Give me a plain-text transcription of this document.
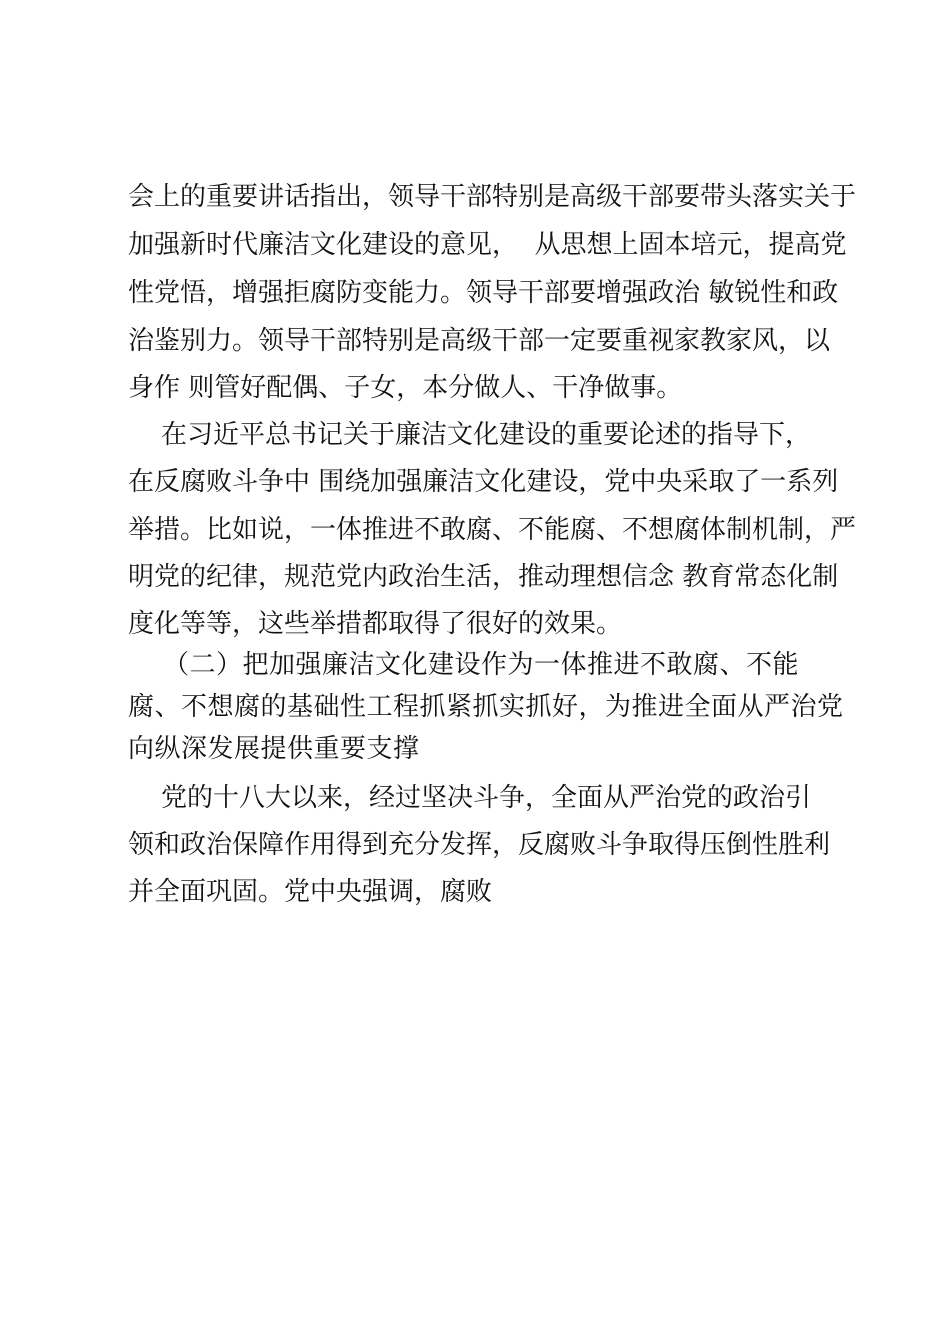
会上的重要讲话指出，领导干部特别是高级干部要带头落实关于

加强新时代廉洁文化建设的意见，  从思想上固本培元，提高党

性党悟，增强拒腐防变能力。领导干部要增强政治 敏锐性和政

治鉴别力。领导干部特别是高级干部一定要重视家教家风，以

身作 则管好配偶、子女，本分做人、干净做事。

在习近平总书记关于廉洁文化建设的重要论述的指导下，

在反腐败斗争中 围绕加强廉洁文化建设，党中央采取了一系列

举措。比如说，一体推进不敢腐、不能腐、不想腐体制机制，严

明党的纪律，规范党内政治生活，推动理想信念 教育常态化制

度化等等，这些举措都取得了很好的效果。

（二）把加强廉洁文化建设作为一体推进不敢腐、不能

腐、不想腐的基础性工程抓紧抓实抓好，为推进全面从严治党

向纵深发展提供重要支撑

党的十八大以来，经过坚决斗争，全面从严治党的政治引

领和政治保障作用得到充分发挥，反腐败斗争取得压倒性胜利

并全面巩固。党中央强调，腐败
